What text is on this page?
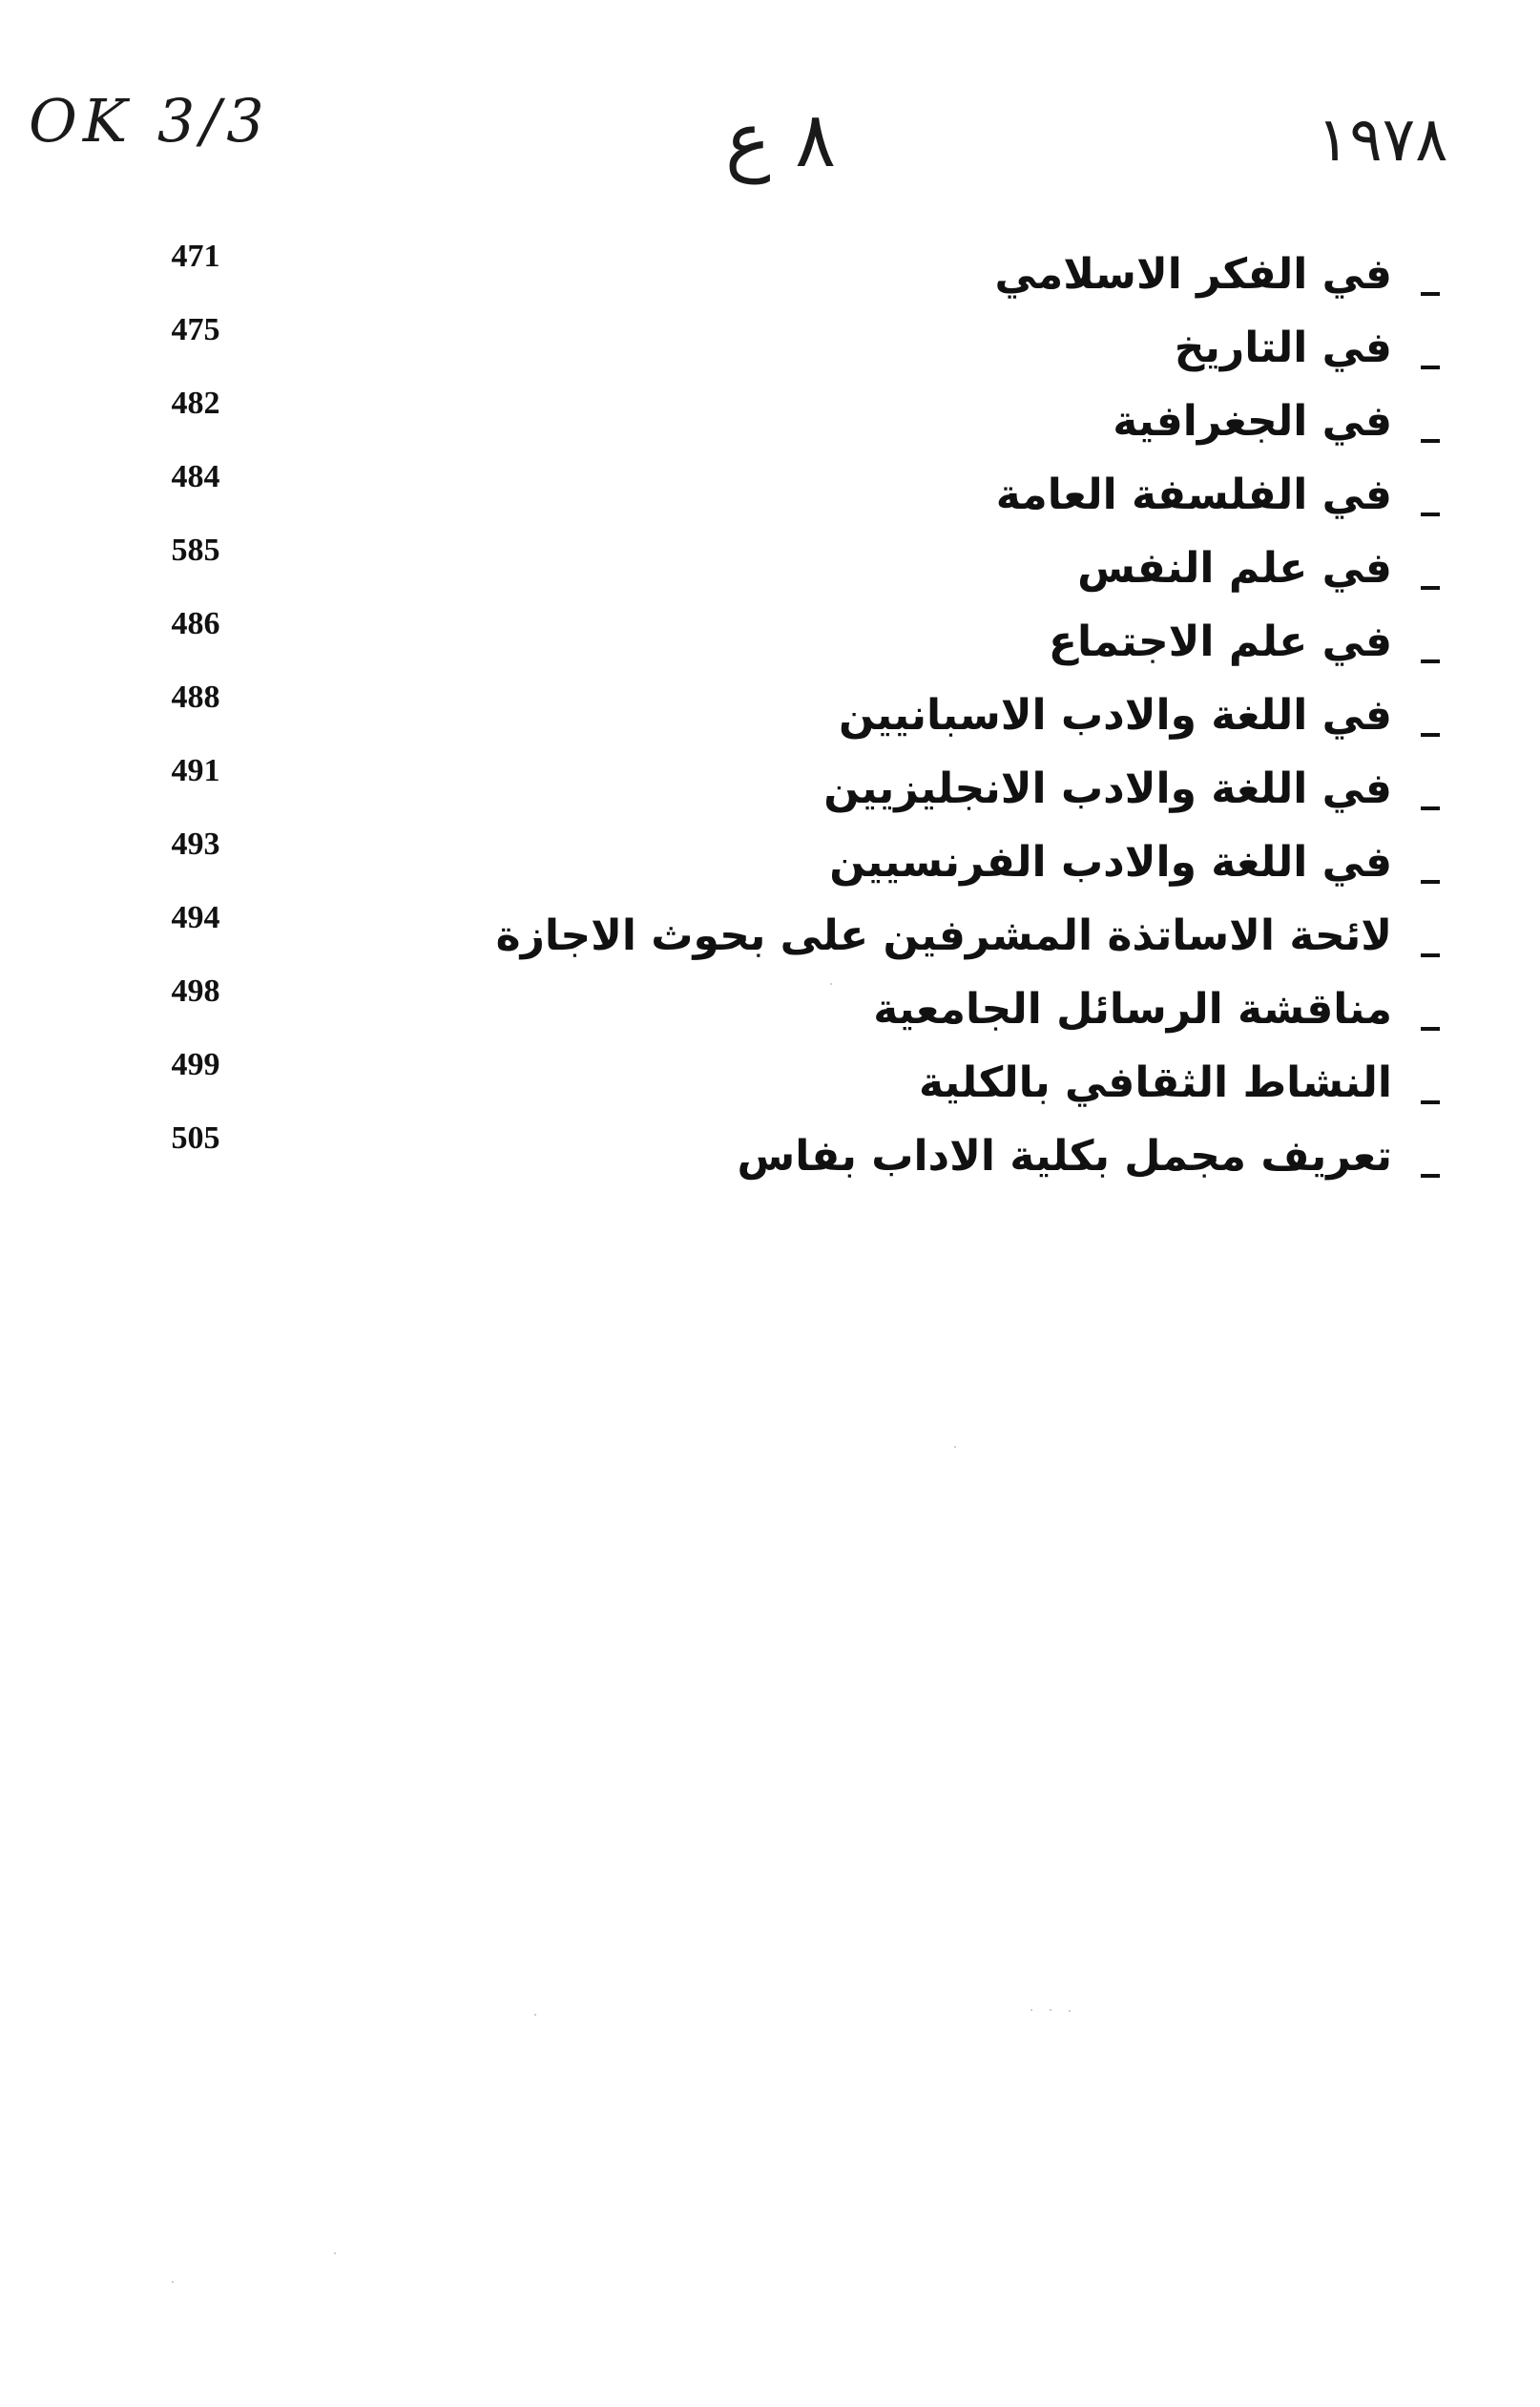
OK 3/3	٨ ع	١٩٧٨
471	في الفكر الاسلامي
475	في التاريخ
482	في الجغرافية
484	في الفلسفة العامة
585	في علم النفس
486	في علم الاجتماع
488	في اللغة والادب الاسبانيين
491	في اللغة والادب الانجليزيين
493	في اللغة والادب الفرنسيين
494	لائحة الاساتذة المشرفين على بحوث الاجازة
498	مناقشة الرسائل الجامعية
499	النشاط الثقافي بالكلية
505	تعريف مجمل بكلية الاداب بفاس
